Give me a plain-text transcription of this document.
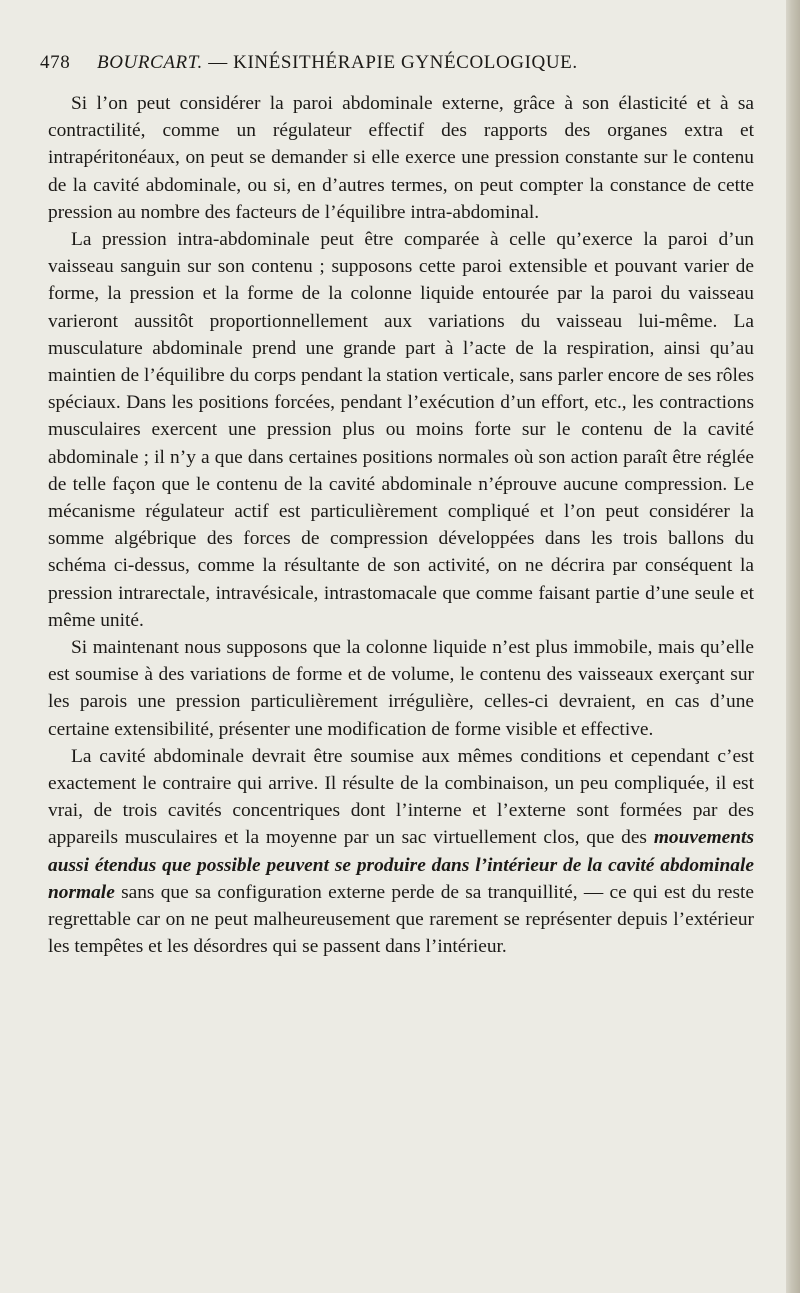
478 BOURCART. — KINÉSITHÉRAPIE GYNÉCOLOGIQUE.

Si l’on peut considérer la paroi abdominale externe, grâce à son élasticité et à sa contractilité, comme un régulateur effectif des rapports des organes extra et intrapéritonéaux, on peut se demander si elle exerce une pression constante sur le contenu de la cavité abdominale, ou si, en d’autres termes, on peut compter la constance de cette pression au nombre des facteurs de l’équilibre intra-abdominal.

La pression intra-abdominale peut être comparée à celle qu’exerce la paroi d’un vaisseau sanguin sur son contenu ; supposons cette paroi extensible et pouvant varier de forme, la pression et la forme de la colonne liquide entourée par la paroi du vaisseau varieront aussitôt proportionnellement aux variations du vaisseau lui-même. La musculature abdominale prend une grande part à l’acte de la respiration, ainsi qu’au maintien de l’équilibre du corps pendant la station verticale, sans parler encore de ses rôles spéciaux. Dans les positions forcées, pendant l’exécution d’un effort, etc., les contractions musculaires exercent une pression plus ou moins forte sur le contenu de la cavité abdominale ; il n’y a que dans certaines positions normales où son action paraît être réglée de telle façon que le contenu de la cavité abdominale n’éprouve aucune compression. Le mécanisme régulateur actif est particulièrement compliqué et l’on peut considérer la somme algébrique des forces de compression développées dans les trois ballons du schéma ci-dessus, comme la résultante de son activité, on ne décrira par conséquent la pression intrarectale, intravésicale, intrastomacale que comme faisant partie d’une seule et même unité.

Si maintenant nous supposons que la colonne liquide n’est plus immobile, mais qu’elle est soumise à des variations de forme et de volume, le contenu des vaisseaux exerçant sur les parois une pression particulièrement irrégulière, celles-ci devraient, en cas d’une certaine extensibilité, présenter une modification de forme visible et effective.

La cavité abdominale devrait être soumise aux mêmes conditions et cependant c’est exactement le contraire qui arrive. Il résulte de la combinaison, un peu compliquée, il est vrai, de trois cavités concentriques dont l’interne et l’externe sont formées par des appareils musculaires et la moyenne par un sac virtuellement clos, que des mouvements aussi étendus que possible peuvent se produire dans l’intérieur de la cavité abdominale normale sans que sa configuration externe perde de sa tranquillité, — ce qui est du reste regrettable car on ne peut malheureusement que rarement se représenter depuis l’extérieur les tempêtes et les désordres qui se passent dans l’intérieur.
